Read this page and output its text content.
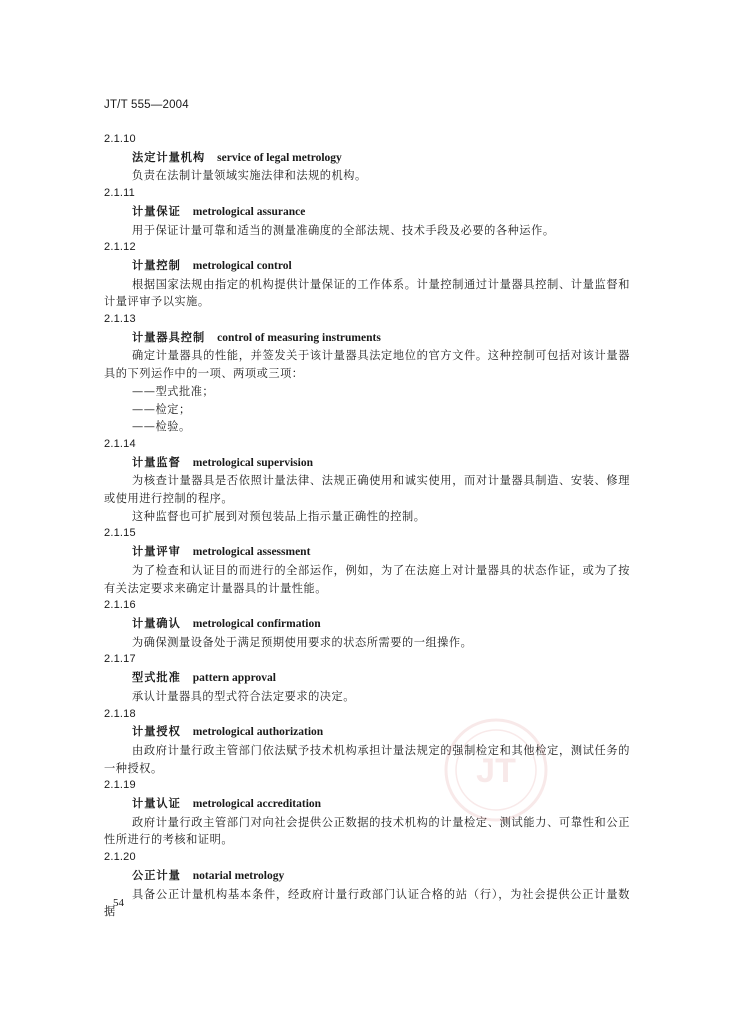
JT/T 555—2004
2.1.10
法定计量机构 service of legal metrology
负责在法制计量领域实施法律和法规的机构。
2.1.11
计量保证 metrological assurance
用于保证计量可靠和适当的测量准确度的全部法规、技术手段及必要的各种运作。
2.1.12
计量控制 metrological control
根据国家法规由指定的机构提供计量保证的工作体系。计量控制通过计量器具控制、计量监督和计量评审予以实施。
2.1.13
计量器具控制 control of measuring instruments
确定计量器具的性能，并签发关于该计量器具法定地位的官方文件。这种控制可包括对该计量器具的下列运作中的一项、两项或三项：
——型式批准；
——检定；
——检验。
2.1.14
计量监督 metrological supervision
为核查计量器具是否依照计量法律、法规正确使用和诚实使用，而对计量器具制造、安装、修理或使用进行控制的程序。
这种监督也可扩展到对预包装品上指示量正确性的控制。
2.1.15
计量评审 metrological assessment
为了检查和认证目的而进行的全部运作，例如，为了在法庭上对计量器具的状态作证，或为了按有关法定要求来确定计量器具的计量性能。
2.1.16
计量确认 metrological confirmation
为确保测量设备处于满足预期使用要求的状态所需要的一组操作。
2.1.17
型式批准 pattern approval
承认计量器具的型式符合法定要求的决定。
2.1.18
计量授权 metrological authorization
由政府计量行政主管部门依法赋予技术机构承担计量法规定的强制检定和其他检定，测试任务的一种授权。
2.1.19
计量认证 metrological accreditation
政府计量行政主管部门对向社会提供公正数据的技术机构的计量检定、测试能力、可靠性和公正性所进行的考核和证明。
2.1.20
公正计量 notarial metrology
具备公正计量机构基本条件，经政府计量行政部门认证合格的站（行），为社会提供公正计量数据
54
JT
